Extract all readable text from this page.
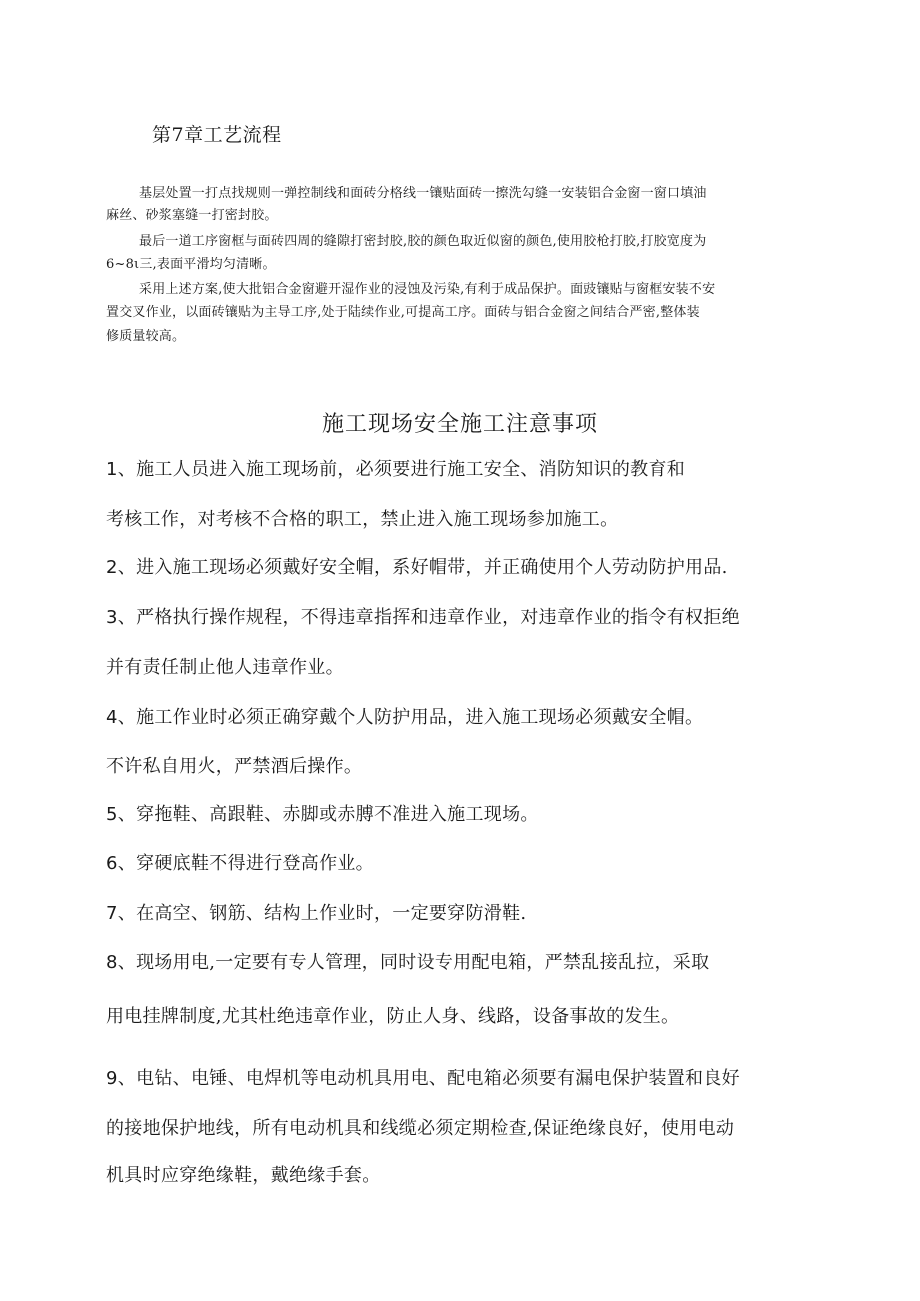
第7章工艺流程
基层处置一打点找规则一弹控制线和面砖分格线一镶贴面砖一擦洗勾缝一安装铝合金窗一窗口填油
麻丝、砂浆塞缝一打密封胶。
最后一道工序窗框与面砖四周的缝隙打密封胶,胶的颜色取近似窗的颜色,使用胶枪打胶,打胶宽度为
6~8ι三,表面平滑均匀清晰。
采用上述方案,使大批铝合金窗避开湿作业的浸蚀及污染,有利于成品保护。面豉镶贴与窗框安装不安
置交叉作业，以面砖镶贴为主导工序,处于陆续作业,可提高工序。面砖与铝合金窗之间结合严密,整体装
修质量较高。
施工现场安全施工注意事项
1、施工人员进入施工现场前，必须要进行施工安全、消防知识的教育和
考核工作，对考核不合格的职工，禁止进入施工现场参加施工。
2、进入施工现场必须戴好安全帽，系好帽带，并正确使用个人劳动防护用品.
3、严格执行操作规程，不得违章指挥和违章作业，对违章作业的指令有权拒绝
并有责任制止他人违章作业。
4、施工作业时必须正确穿戴个人防护用品，进入施工现场必须戴安全帽。
不许私自用火，严禁酒后操作。
5、穿拖鞋、高跟鞋、赤脚或赤膊不准进入施工现场。
6、穿硬底鞋不得进行登高作业。
7、在高空、钢筋、结构上作业时，一定要穿防滑鞋.
8、现场用电,一定要有专人管理，同时设专用配电箱，严禁乱接乱拉，采取
用电挂牌制度,尤其杜绝违章作业，防止人身、线路，设备事故的发生。
9、电钻、电锤、电焊机等电动机具用电、配电箱必须要有漏电保护装置和良好
的接地保护地线，所有电动机具和线缆必须定期检查,保证绝缘良好，使用电动
机具时应穿绝缘鞋，戴绝缘手套。
